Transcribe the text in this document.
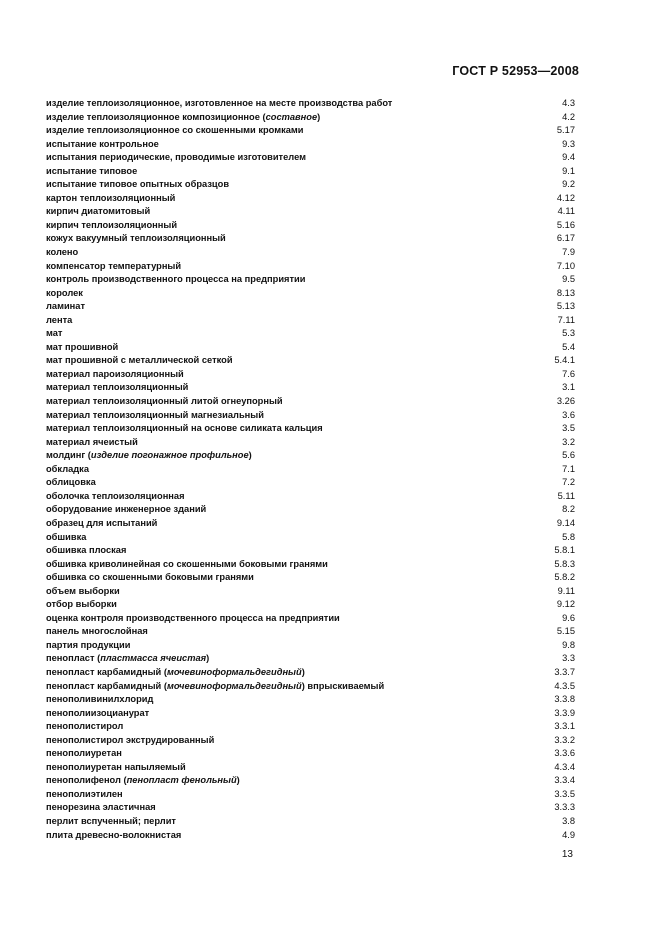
ГОСТ Р 52953—2008
изделие теплоизоляционное, изготовленное на месте производства работ	4.3
изделие теплоизоляционное композиционное (составное)	4.2
изделие теплоизоляционное со скошенными кромками	5.17
испытание контрольное	9.3
испытания периодические, проводимые изготовителем	9.4
испытание типовое	9.1
испытание типовое опытных образцов	9.2
картон теплоизоляционный	4.12
кирпич диатомитовый	4.11
кирпич теплоизоляционный	5.16
кожух вакуумный теплоизоляционный	6.17
колено	7.9
компенсатор температурный	7.10
контроль производственного процесса на предприятии	9.5
королек	8.13
ламинат	5.13
лента	7.11
мат	5.3
мат прошивной	5.4
мат прошивной с металлической сеткой	5.4.1
материал пароизоляционный	7.6
материал теплоизоляционный	3.1
материал теплоизоляционный литой огнеупорный	3.26
материал теплоизоляционный магнезиальный	3.6
материал теплоизоляционный на основе силиката кальция	3.5
материал ячеистый	3.2
молдинг (изделие погонажное профильное)	5.6
обкладка	7.1
облицовка	7.2
оболочка теплоизоляционная	5.11
оборудование инженерное зданий	8.2
образец для испытаний	9.14
обшивка	5.8
обшивка плоская	5.8.1
обшивка криволинейная со скошенными боковыми гранями	5.8.3
обшивка со скошенными боковыми гранями	5.8.2
объем выборки	9.11
отбор выборки	9.12
оценка контроля производственного процесса на предприятии	9.6
панель многослойная	5.15
партия продукции	9.8
пенопласт (пластмасса ячеистая)	3.3
пенопласт карбамидный (мочевиноформальдегидный)	3.3.7
пенопласт карбамидный (мочевиноформальдегидный) впрыскиваемый	4.3.5
пенополивинилхлорид	3.3.8
пенополиизоцианурат	3.3.9
пенополистирол	3.3.1
пенополистирол экструдированный	3.3.2
пенополиуретан	3.3.6
пенополиуретан напыляемый	4.3.4
пенополифенол (пенопласт фенольный)	3.3.4
пенополиэтилен	3.3.5
пенорезина эластичная	3.3.3
перлит вспученный; перлит	3.8
плита древесно-волокнистая	4.9
13
